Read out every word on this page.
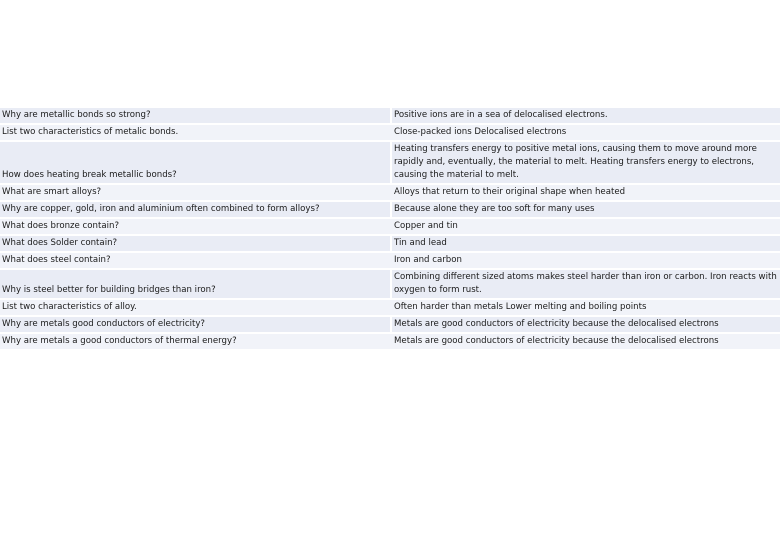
Why are metallic bonds so strong?		Positive ions are in a sea of delocalised electrons.
List two characteristics of metalic bonds.		Close-packed ions Delocalised electrons
How does heating break metallic bonds?		Heating transfers energy to positive metal ions, causing them to move around more rapidly and, eventually, the material to melt. Heating transfers energy to electrons, causing the material to melt.
What are smart alloys?		Alloys that return to their original shape when heated
Why are copper, gold, iron and aluminium often combined to form alloys?		Because alone they are too soft for many uses
What does bronze contain?		Copper and tin
What does Solder contain?		Tin and lead
What does steel contain?		Iron and carbon
Why is steel better for building bridges than iron?		Combining different sized atoms makes steel harder than iron or carbon. Iron reacts with oxygen to form rust.
List two characteristics of alloy.		Often harder than metals Lower melting and boiling points
Why are metals good conductors of electricity?		Metals are good conductors of electricity because the delocalised electrons
Why are metals a good conductors of thermal energy?		Metals are good conductors of electricity because the delocalised electrons
